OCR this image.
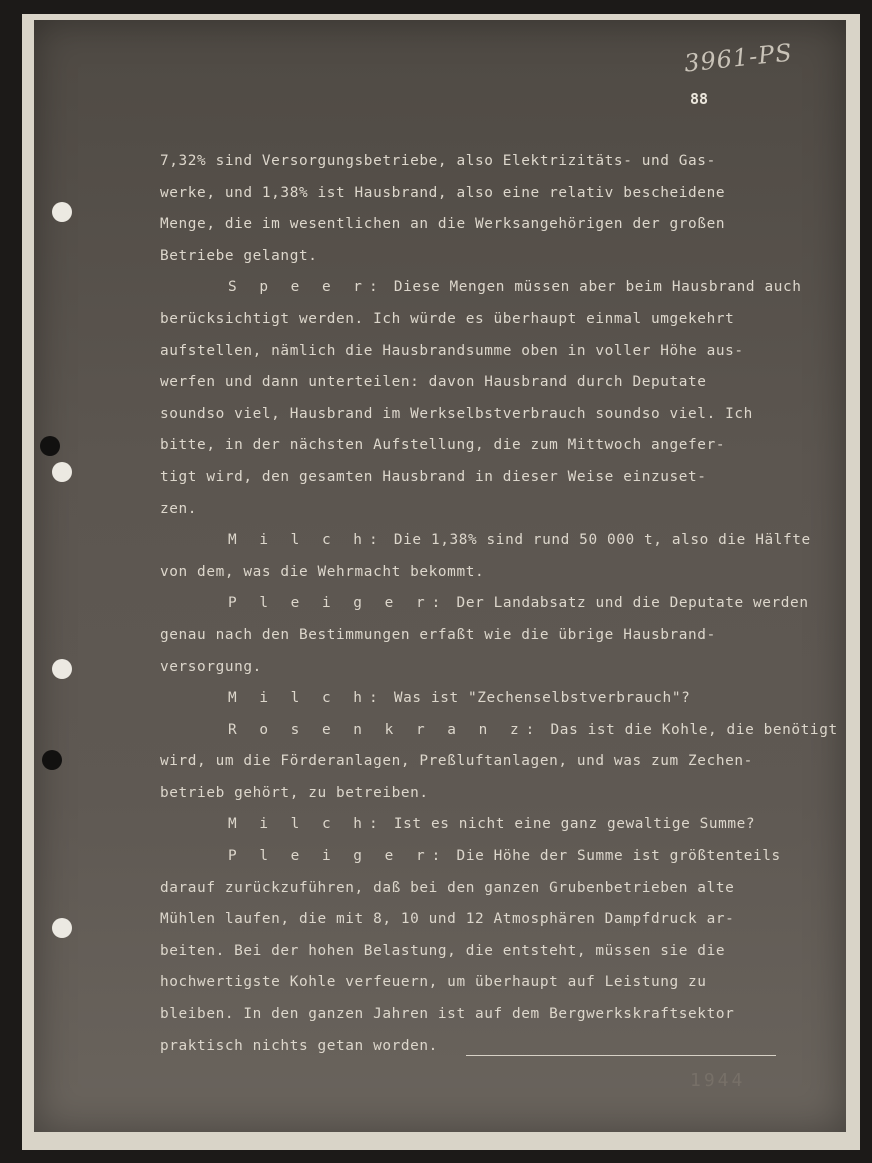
3961-PS
88

7,32% sind Versorgungsbetriebe, also Elektrizitäts- und Gas-

werke, und 1,38% ist Hausbrand, also eine relativ bescheidene

Menge, die im wesentlichen an die Werksangehörigen der großen

Betriebe gelangt.

S p e e r: Diese Mengen müssen aber beim Hausbrand auch

berücksichtigt werden. Ich würde es überhaupt einmal umgekehrt

aufstellen, nämlich die Hausbrandsumme oben in voller Höhe aus-

werfen und dann unterteilen: davon Hausbrand durch Deputate

soundso viel, Hausbrand im Werkselbstverbrauch soundso viel. Ich

bitte, in der nächsten Aufstellung, die zum Mittwoch angefer-

tigt wird, den gesamten Hausbrand in dieser Weise einzuset-

zen.

M i l c h: Die 1,38% sind rund 50 000 t, also die Hälfte

von dem, was die Wehrmacht bekommt.

P l e i g e r: Der Landabsatz und die Deputate werden

genau nach den Bestimmungen erfaßt wie die übrige Hausbrand-

versorgung.

M i l c h: Was ist "Zechenselbstverbrauch"?

R o s e n k r a n z: Das ist die Kohle, die benötigt

wird, um die Förderanlagen, Preßluftanlagen, und was zum Zechen-

betrieb gehört, zu betreiben.

M i l c h: Ist es nicht eine ganz gewaltige Summe?

P l e i g e r: Die Höhe der Summe ist größtenteils

darauf zurückzuführen, daß bei den ganzen Grubenbetrieben alte

Mühlen laufen, die mit 8, 10 und 12 Atmosphären Dampfdruck ar-

beiten. Bei der hohen Belastung, die entsteht, müssen sie die

hochwertigste Kohle verfeuern, um überhaupt auf Leistung zu

bleiben. In den ganzen Jahren ist auf dem Bergwerkskraftsektor

praktisch nichts getan worden.

1944
